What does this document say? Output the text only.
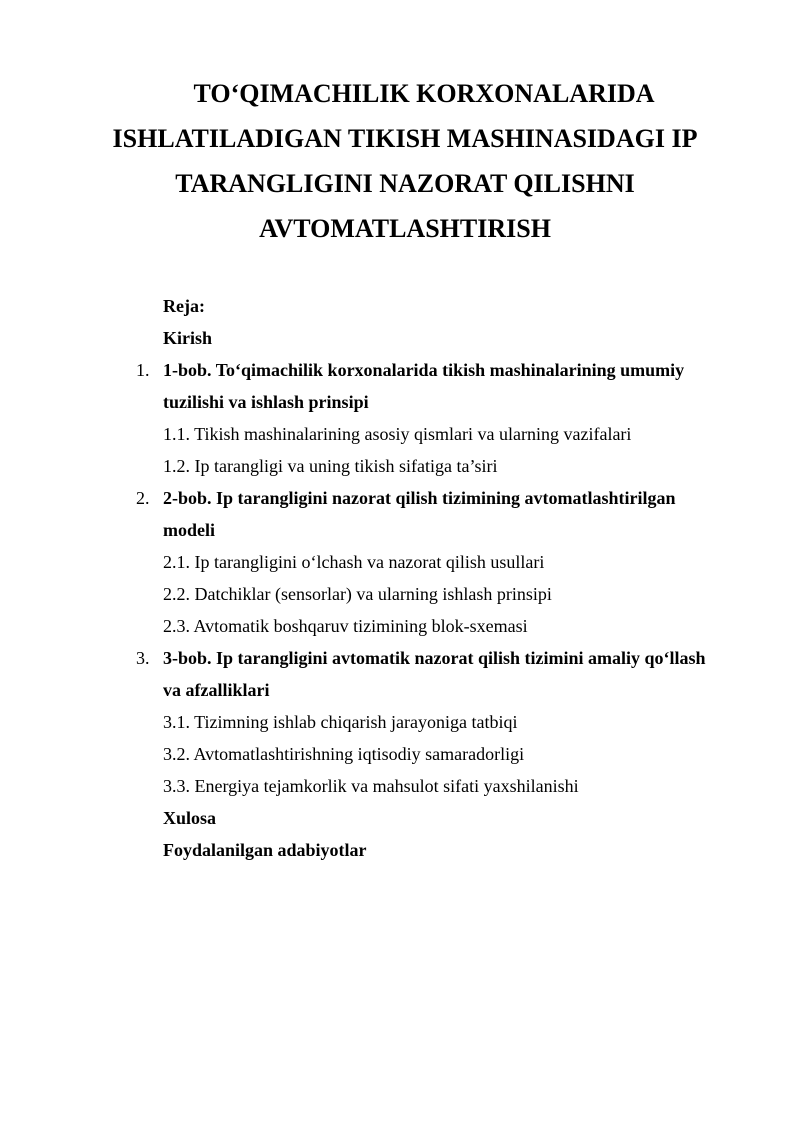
TO‘QIMACHILIK KORXONALARIDA
ISHLATILADIGAN TIKISH MASHINASIDAGI IP
TARANGLIGINI NAZORAT QILISHNI
AVTOMATLASHTIRISH
Reja:
Kirish
1. 1-bob. To‘qimachilik korxonalarida tikish mashinalarining umumiy
tuzilishi va ishlash prinsipi
1.1. Tikish mashinalarining asosiy qismlari va ularning vazifalari
1.2. Ip tarangligi va uning tikish sifatiga ta’siri
2. 2-bob. Ip tarangligini nazorat qilish tizimining avtomatlashtirilgan
modeli
2.1. Ip tarangligini o‘lchash va nazorat qilish usullari
2.2. Datchiklar (sensorlar) va ularning ishlash prinsipi
2.3. Avtomatik boshqaruv tizimining blok-sxemasi
3. 3-bob. Ip tarangligini avtomatik nazorat qilish tizimini amaliy qo‘llash
va afzalliklari
3.1. Tizimning ishlab chiqarish jarayoniga tatbiqi
3.2. Avtomatlashtirishning iqtisodiy samaradorligi
3.3. Energiya tejamkorlik va mahsulot sifati yaxshilanishi
Xulosa
Foydalanilgan adabiyotlar
